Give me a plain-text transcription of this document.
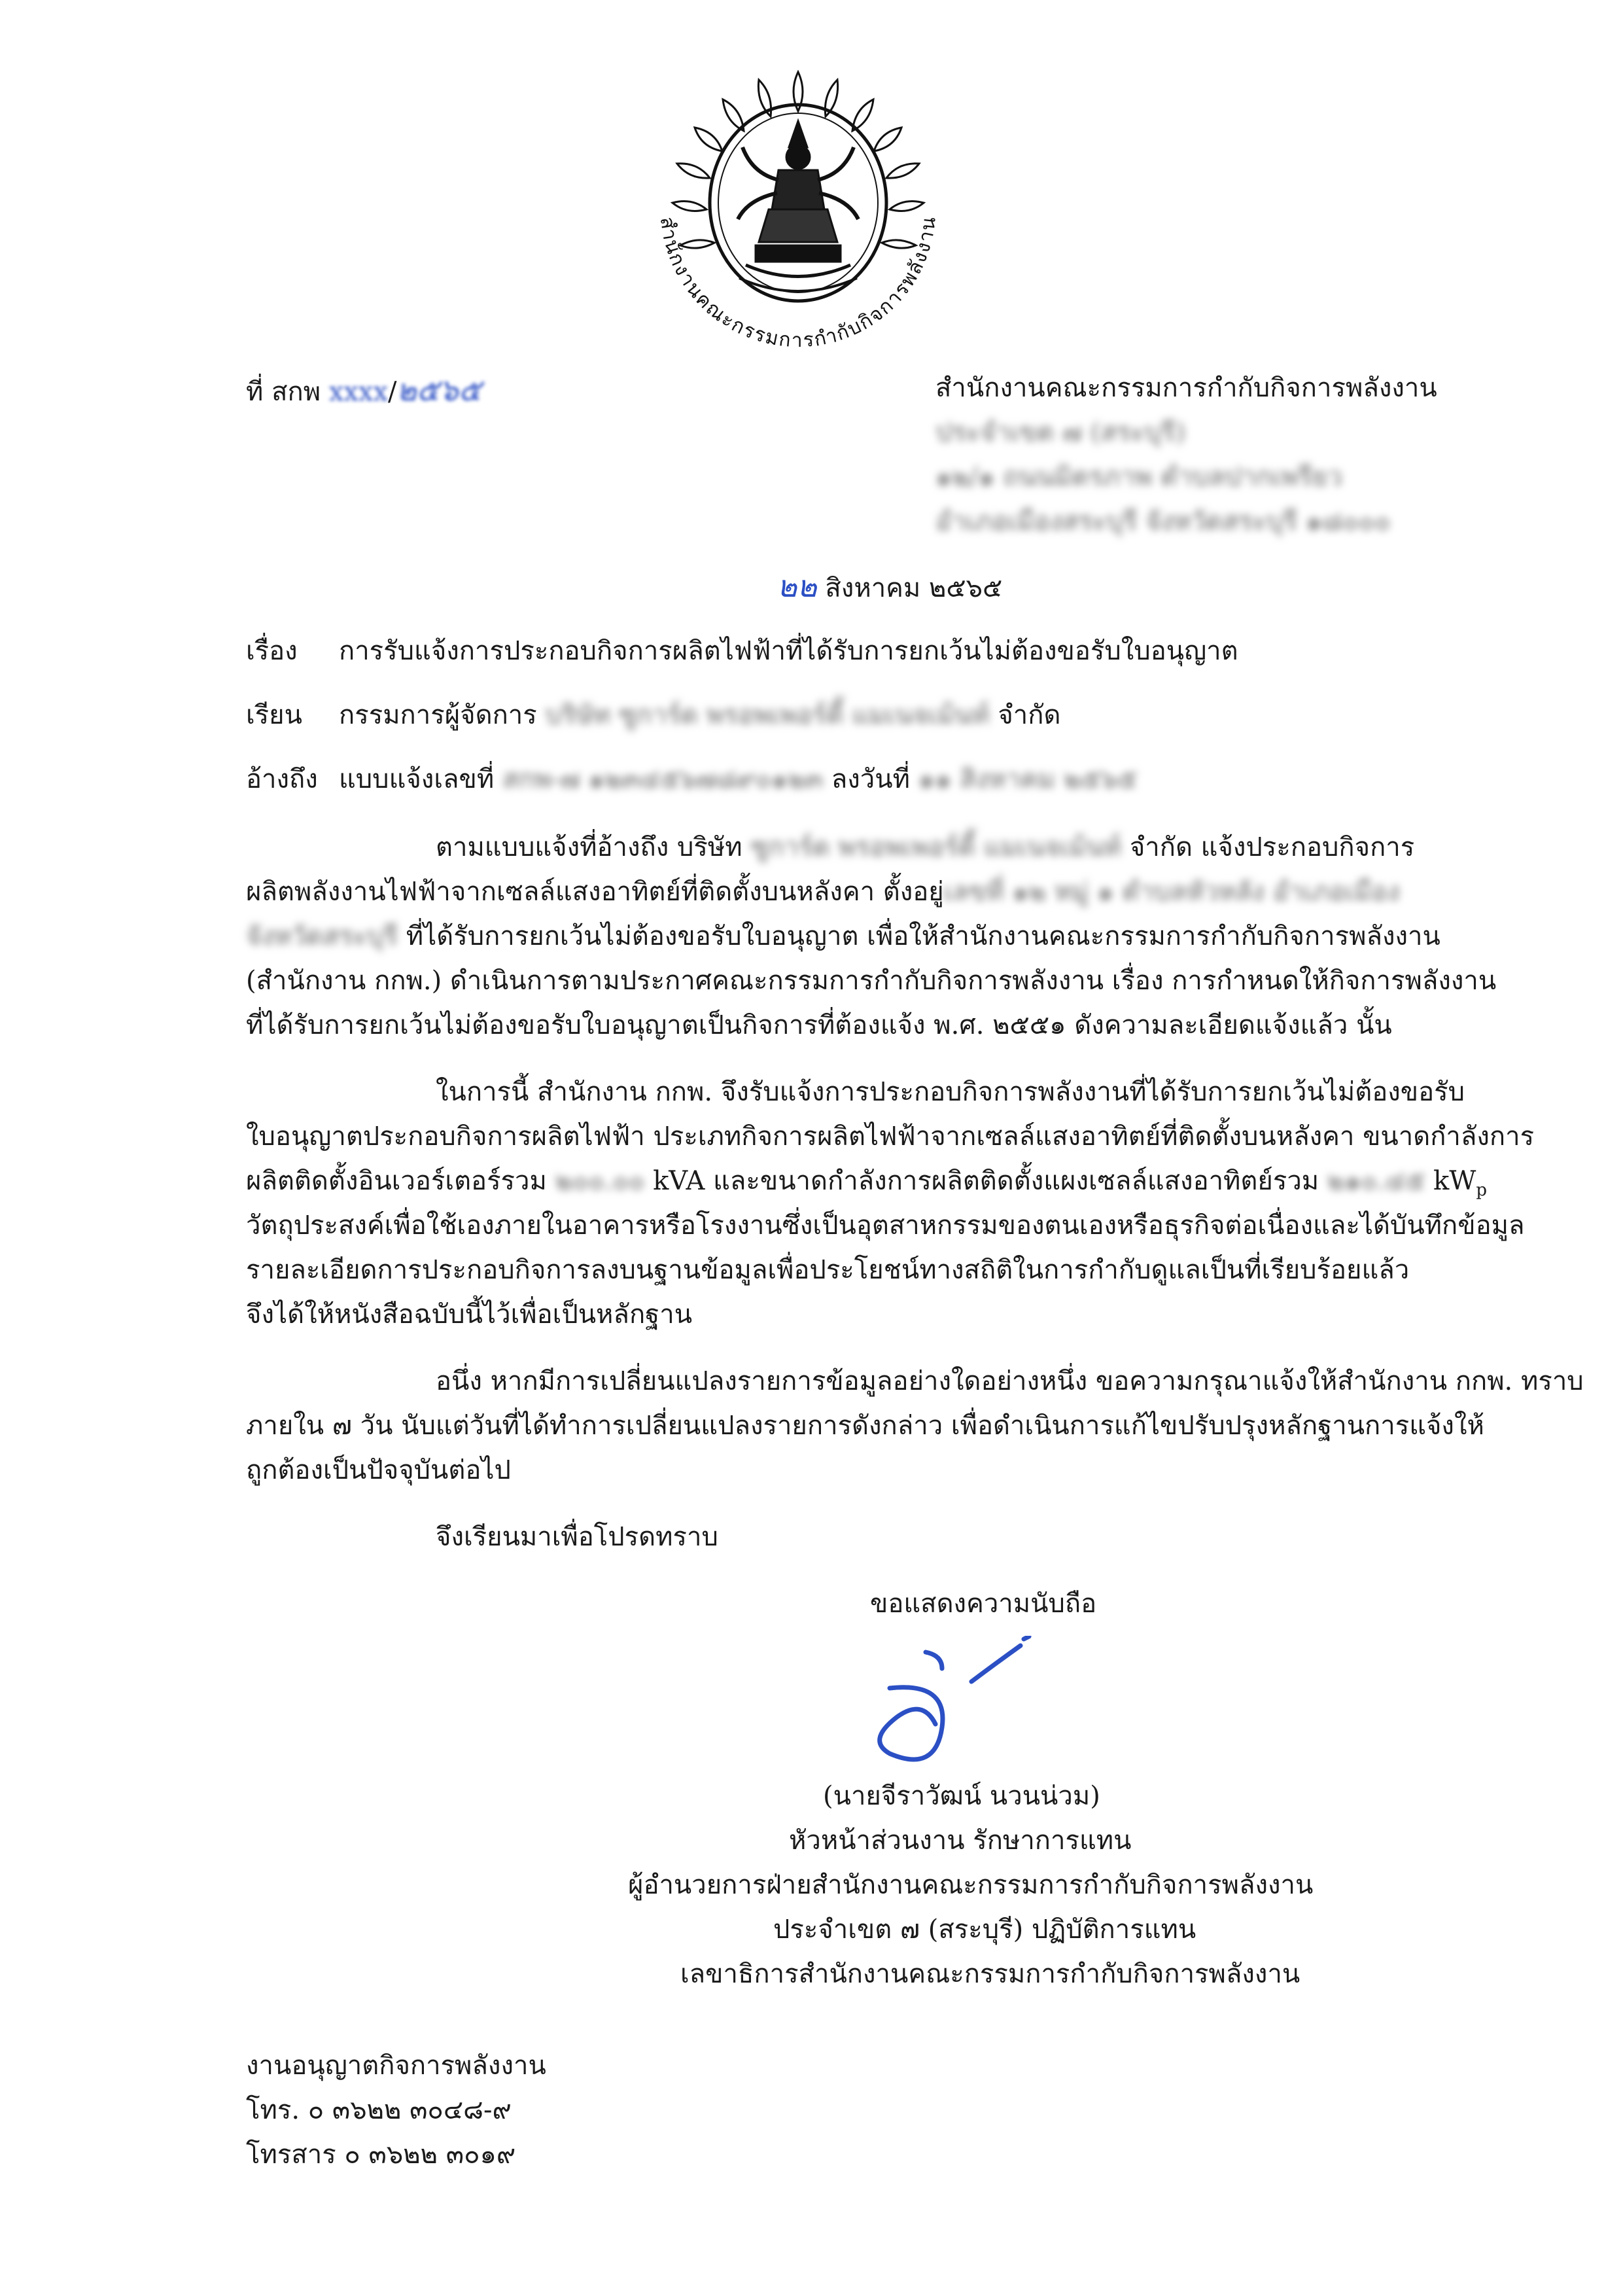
สำนักงานคณะกรรมการกำกับกิจการพลังงาน
ที่ สกพ xxxx/๒๕๖๕	สำนักงานคณะกรรมการกำกับกิจการพลังงาน
ประจำเขต ๗ (สระบุรี)
๑๒/๑ ถนนมิตรภาพ ตำบลปากเพรียว
อำเภอเมืองสระบุรี จังหวัดสระบุรี ๑๘๐๐๐
๒๒ สิงหาคม ๒๕๖๕
เรื่อง การรับแจ้งการประกอบกิจการผลิตไฟฟ้าที่ได้รับการยกเว้นไม่ต้องขอรับใบอนุญาต
เรียน กรรมการผู้จัดการ บริษัท ซูการ์ด พรอพเพอร์ตี้ แมเนจเม้นท์ จำกัด
อ้างถึง แบบแจ้งเลขที่ สกพ-๗ ๑๒๓๔๕๖๗๘๙๐๑๒๓ ลงวันที่ ๑๑ สิงหาคม ๒๕๖๕
ตามแบบแจ้งที่อ้างถึง บริษัท ซูการ์ด พรอพเพอร์ตี้ แมเนจเม้นท์ จำกัด แจ้งประกอบกิจการ
ผลิตพลังงานไฟฟ้าจากเซลล์แสงอาทิตย์ที่ติดตั้งบนหลังคา ตั้งอยู่เลขที่ ๑๒ หมู่ ๑ ตำบลหัวหลัง อำเภอเมือง
จังหวัดสระบุรี ที่ได้รับการยกเว้นไม่ต้องขอรับใบอนุญาต เพื่อให้สำนักงานคณะกรรมการกำกับกิจการพลังงาน
(สำนักงาน กกพ.) ดำเนินการตามประกาศคณะกรรมการกำกับกิจการพลังงาน เรื่อง การกำหนดให้กิจการพลังงาน
ที่ได้รับการยกเว้นไม่ต้องขอรับใบอนุญาตเป็นกิจการที่ต้องแจ้ง พ.ศ. ๒๕๕๑ ดังความละเอียดแจ้งแล้ว นั้น
ในการนี้ สำนักงาน กกพ. จึงรับแจ้งการประกอบกิจการพลังงานที่ได้รับการยกเว้นไม่ต้องขอรับ
ใบอนุญาตประกอบกิจการผลิตไฟฟ้า ประเภทกิจการผลิตไฟฟ้าจากเซลล์แสงอาทิตย์ที่ติดตั้งบนหลังคา ขนาดกำลังการ
ผลิตติดตั้งอินเวอร์เตอร์รวม ๒๐๐.๐๐ kVA และขนาดกำลังการผลิตติดตั้งแผงเซลล์แสงอาทิตย์รวม ๒๑๐.๔๕ $kW_p$
วัตถุประสงค์เพื่อใช้เองภายในอาคารหรือโรงงานซึ่งเป็นอุตสาหกรรมของตนเองหรือธุรกิจต่อเนื่องและได้บันทึกข้อมูล
รายละเอียดการประกอบกิจการลงบนฐานข้อมูลเพื่อประโยชน์ทางสถิติในการกำกับดูแลเป็นที่เรียบร้อยแล้ว
จึงได้ให้หนังสือฉบับนี้ไว้เพื่อเป็นหลักฐาน
อนึ่ง หากมีการเปลี่ยนแปลงรายการข้อมูลอย่างใดอย่างหนึ่ง ขอความกรุณาแจ้งให้สำนักงาน กกพ. ทราบ
ภายใน ๗ วัน นับแต่วันที่ได้ทำการเปลี่ยนแปลงรายการดังกล่าว เพื่อดำเนินการแก้ไขปรับปรุงหลักฐานการแจ้งให้
ถูกต้องเป็นปัจจุบันต่อไป
จึงเรียนมาเพื่อโปรดทราบ
ขอแสดงความนับถือ
(นายจีราวัฒน์ นวนน่วม)
หัวหน้าส่วนงาน รักษาการแทน
ผู้อำนวยการฝ่ายสำนักงานคณะกรรมการกำกับกิจการพลังงาน
ประจำเขต ๗ (สระบุรี) ปฏิบัติการแทน
เลขาธิการสำนักงานคณะกรรมการกำกับกิจการพลังงาน
งานอนุญาตกิจการพลังงาน
โทร. ๐ ๓๖๒๒ ๓๐๔๘-๙
โทรสาร ๐ ๓๖๒๒ ๓๐๑๙
